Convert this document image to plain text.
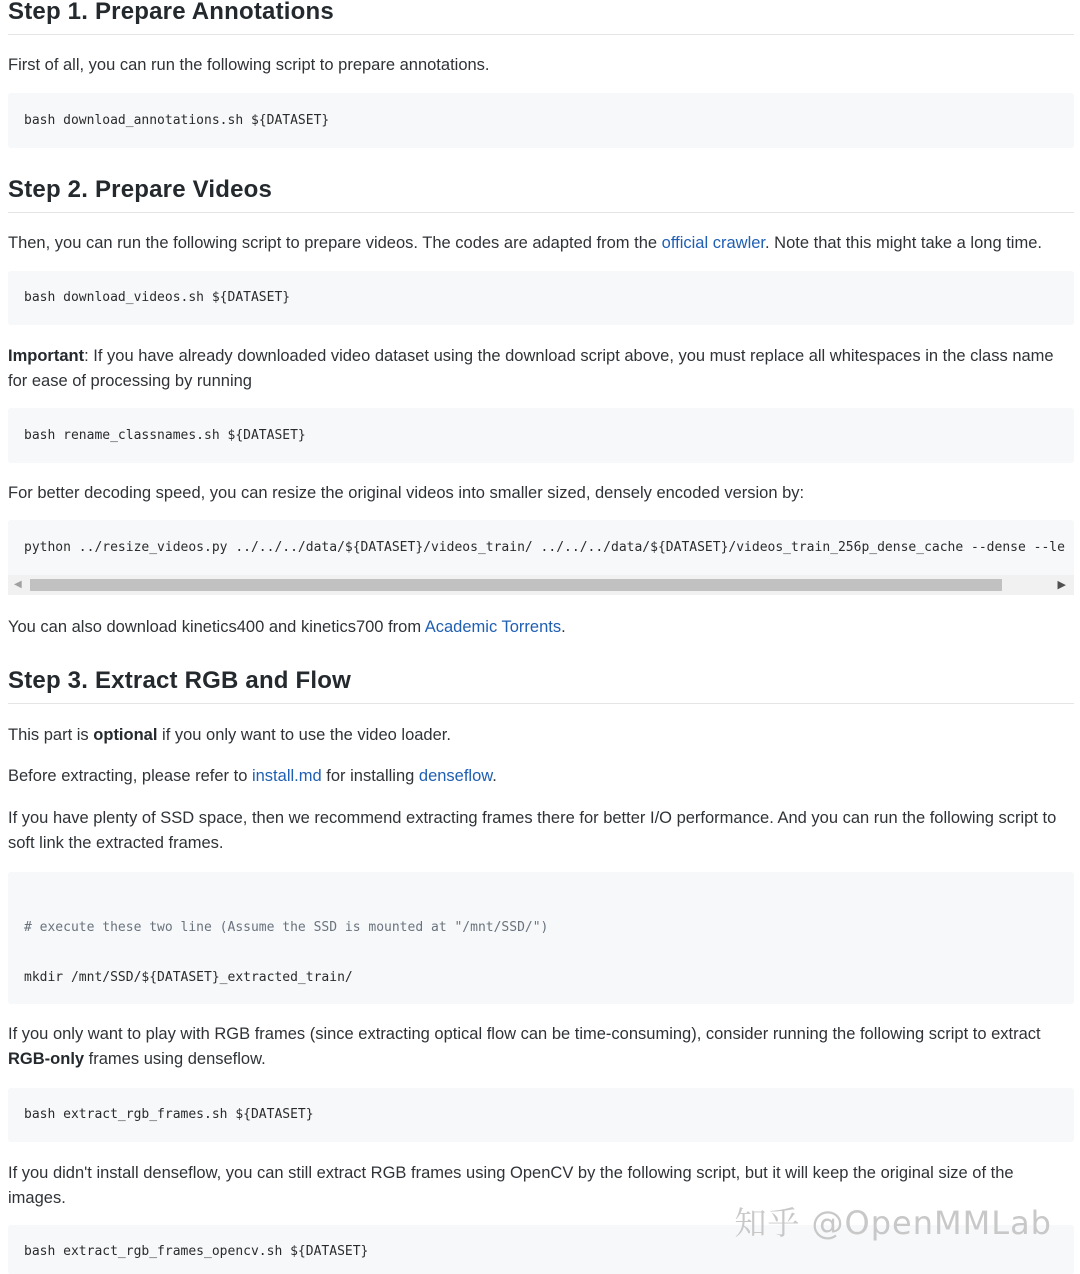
Step 1. Prepare Annotations
First of all, you can run the following script to prepare annotations.
bash download_annotations.sh ${DATASET}
Step 2. Prepare Videos
Then, you can run the following script to prepare videos. The codes are adapted from the official crawler. Note that this might take a long time.
bash download_videos.sh ${DATASET}
Important: If you have already downloaded video dataset using the download script above, you must replace all whitespaces in the class name for ease of processing by running
bash rename_classnames.sh ${DATASET}
For better decoding speed, you can resize the original videos into smaller sized, densely encoded version by:
python ../resize_videos.py ../../../data/${DATASET}/videos_train/ ../../../data/${DATASET}/videos_train_256p_dense_cache --dense --le
◀	▶
You can also download kinetics400 and kinetics700 from Academic Torrents.
Step 3. Extract RGB and Flow
This part is optional if you only want to use the video loader.
Before extracting, please refer to install.md for installing denseflow.
If you have plenty of SSD space, then we recommend extracting frames there for better I/O performance. And you can run the following script to soft link the extracted frames.

# execute these two line (Assume the SSD is mounted at "/mnt/SSD/")

mkdir /mnt/SSD/${DATASET}_extracted_train/

If you only want to play with RGB frames (since extracting optical flow can be time-consuming), consider running the following script to extract RGB-only frames using denseflow.
bash extract_rgb_frames.sh ${DATASET}
If you didn't install denseflow, you can still extract RGB frames using OpenCV by the following script, but it will keep the original size of the images.
bash extract_rgb_frames_opencv.sh ${DATASET}
知乎 @OpenMMLab
